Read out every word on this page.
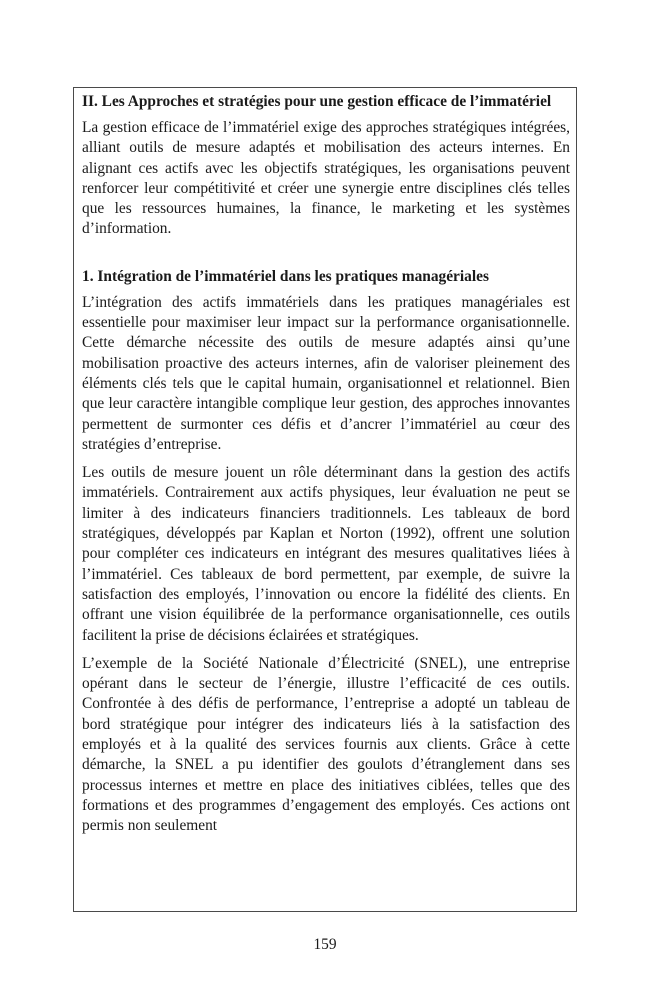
II. Les Approches et stratégies pour une gestion efficace de l’immatériel

La gestion efficace de l’immatériel exige des approches stratégiques intégrées, alliant outils de mesure adaptés et mobilisation des acteurs internes. En alignant ces actifs avec les objectifs stratégiques, les organisations peuvent renforcer leur compétitivité et créer une synergie entre disciplines clés telles que les ressources humaines, la finance, le marketing et les systèmes d’information.

1. Intégration de l’immatériel dans les pratiques managériales

L’intégration des actifs immatériels dans les pratiques managériales est essentielle pour maximiser leur impact sur la performance organisationnelle. Cette démarche nécessite des outils de mesure adaptés ainsi qu’une mobilisation proactive des acteurs internes, afin de valoriser pleinement des éléments clés tels que le capital humain, organisationnel et relationnel. Bien que leur caractère intangible complique leur gestion, des approches innovantes permettent de surmonter ces défis et d’ancrer l’immatériel au cœur des stratégies d’entreprise.

Les outils de mesure jouent un rôle déterminant dans la gestion des actifs immatériels. Contrairement aux actifs physiques, leur évaluation ne peut se limiter à des indicateurs financiers traditionnels. Les tableaux de bord stratégiques, développés par Kaplan et Norton (1992), offrent une solution pour compléter ces indicateurs en intégrant des mesures qualitatives liées à l’immatériel. Ces tableaux de bord permettent, par exemple, de suivre la satisfaction des employés, l’innovation ou encore la fidélité des clients. En offrant une vision équilibrée de la performance organisationnelle, ces outils facilitent la prise de décisions éclairées et stratégiques.

L’exemple de la Société Nationale d’Électricité (SNEL), une entreprise opérant dans le secteur de l’énergie, illustre l’efficacité de ces outils. Confrontée à des défis de performance, l’entreprise a adopté un tableau de bord stratégique pour intégrer des indicateurs liés à la satisfaction des employés et à la qualité des services fournis aux clients. Grâce à cette démarche, la SNEL a pu identifier des goulots d’étranglement dans ses processus internes et mettre en place des initiatives ciblées, telles que des formations et des programmes d’engagement des employés. Ces actions ont permis non seulement

159
